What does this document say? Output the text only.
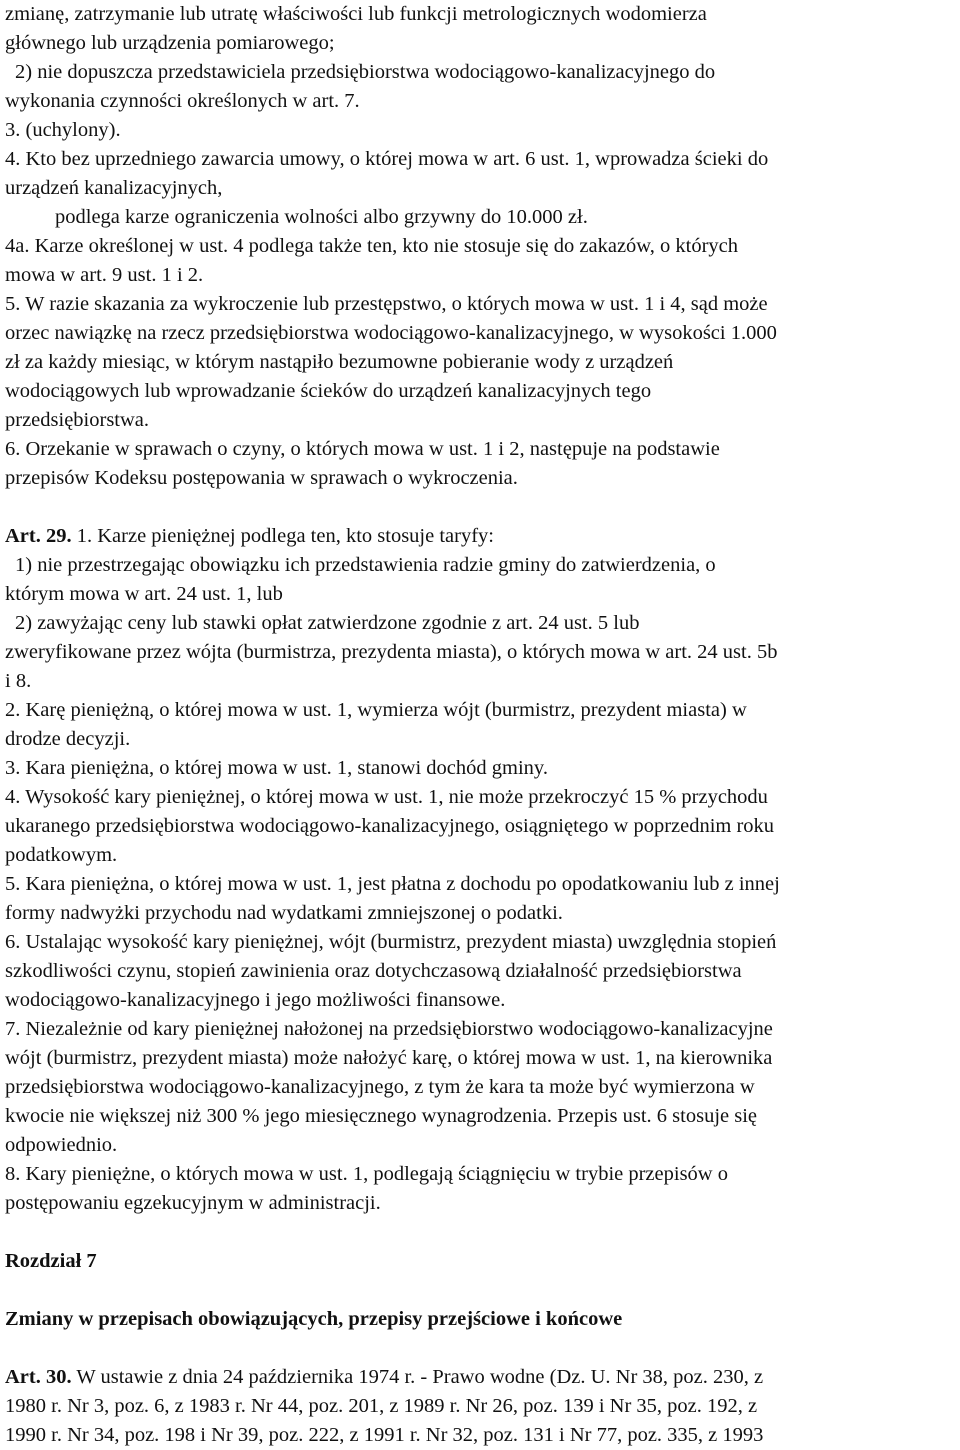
zmianę, zatrzymanie lub utratę właściwości lub funkcji metrologicznych wodomierza
głównego lub urządzenia pomiarowego;
2) nie dopuszcza przedstawiciela przedsiębiorstwa wodociągowo-kanalizacyjnego do
wykonania czynności określonych w art. 7.
3. (uchylony).
4. Kto bez uprzedniego zawarcia umowy, o której mowa w art. 6 ust. 1, wprowadza ścieki do
urządzeń kanalizacyjnych,
podlega karze ograniczenia wolności albo grzywny do 10.000 zł.
4a. Karze określonej w ust. 4 podlega także ten, kto nie stosuje się do zakazów, o których
mowa w art. 9 ust. 1 i 2.
5. W razie skazania za wykroczenie lub przestępstwo, o których mowa w ust. 1 i 4, sąd może
orzec nawiązkę na rzecz przedsiębiorstwa wodociągowo-kanalizacyjnego, w wysokości 1.000
zł za każdy miesiąc, w którym nastąpiło bezumowne pobieranie wody z urządzeń
wodociągowych lub wprowadzanie ścieków do urządzeń kanalizacyjnych tego
przedsiębiorstwa.
6. Orzekanie w sprawach o czyny, o których mowa w ust. 1 i 2, następuje na podstawie
przepisów Kodeksu postępowania w sprawach o wykroczenia.
Art. 29. 1. Karze pieniężnej podlega ten, kto stosuje taryfy:
1) nie przestrzegając obowiązku ich przedstawienia radzie gminy do zatwierdzenia, o
którym mowa w art. 24 ust. 1, lub
2) zawyżając ceny lub stawki opłat zatwierdzone zgodnie z art. 24 ust. 5 lub
zweryfikowane przez wójta (burmistrza, prezydenta miasta), o których mowa w art. 24 ust. 5b
i 8.
2. Karę pieniężną, o której mowa w ust. 1, wymierza wójt (burmistrz, prezydent miasta) w
drodze decyzji.
3. Kara pieniężna, o której mowa w ust. 1, stanowi dochód gminy.
4. Wysokość kary pieniężnej, o której mowa w ust. 1, nie może przekroczyć 15 % przychodu
ukaranego przedsiębiorstwa wodociągowo-kanalizacyjnego, osiągniętego w poprzednim roku
podatkowym.
5. Kara pieniężna, o której mowa w ust. 1, jest płatna z dochodu po opodatkowaniu lub z innej
formy nadwyżki przychodu nad wydatkami zmniejszonej o podatki.
6. Ustalając wysokość kary pieniężnej, wójt (burmistrz, prezydent miasta) uwzględnia stopień
szkodliwości czynu, stopień zawinienia oraz dotychczasową działalność przedsiębiorstwa
wodociągowo-kanalizacyjnego i jego możliwości finansowe.
7. Niezależnie od kary pieniężnej nałożonej na przedsiębiorstwo wodociągowo-kanalizacyjne
wójt (burmistrz, prezydent miasta) może nałożyć karę, o której mowa w ust. 1, na kierownika
przedsiębiorstwa wodociągowo-kanalizacyjnego, z tym że kara ta może być wymierzona w
kwocie nie większej niż 300 % jego miesięcznego wynagrodzenia. Przepis ust. 6 stosuje się
odpowiednio.
8. Kary pieniężne, o których mowa w ust. 1, podlegają ściągnięciu w trybie przepisów o
postępowaniu egzekucyjnym w administracji.
Rozdział 7
Zmiany w przepisach obowiązujących, przepisy przejściowe i końcowe
Art. 30. W ustawie z dnia 24 października 1974 r. - Prawo wodne (Dz. U. Nr 38, poz. 230, z
1980 r. Nr 3, poz. 6, z 1983 r. Nr 44, poz. 201, z 1989 r. Nr 26, poz. 139 i Nr 35, poz. 192, z
1990 r. Nr 34, poz. 198 i Nr 39, poz. 222, z 1991 r. Nr 32, poz. 131 i Nr 77, poz. 335, z 1993
